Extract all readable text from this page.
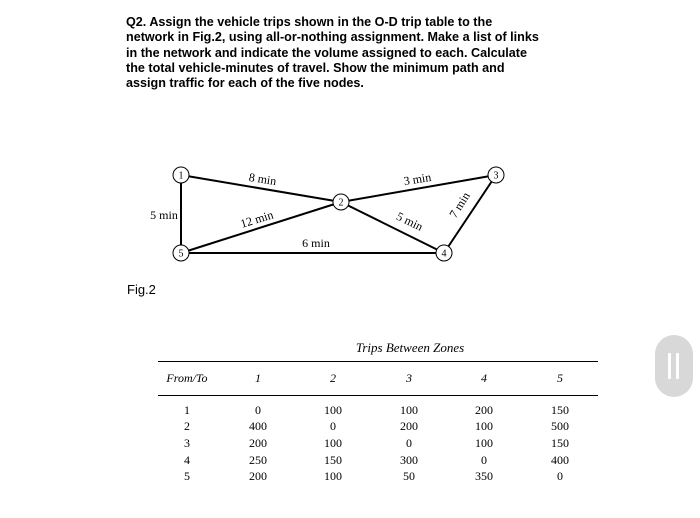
Q2. Assign the vehicle trips shown in the O-D trip table to the
network in Fig.2, using all-or-nothing assignment. Make a list of links
in the network and indicate the volume assigned to each. Calculate
the total vehicle-minutes of travel. Show the minimum path and
assign traffic for each of the five nodes.
1
2
3
4
5
8 min	3 min
5 min	12 min	5 min
7 min
6 min
Fig.2
Trips Between Zones
From/To	1	2	3	4	5
1	0	100	100	200	150
2	400	0	200	100	500
3	200	100	0	100	150
4	250	150	300	0	400
5	200	100	50	350	0
